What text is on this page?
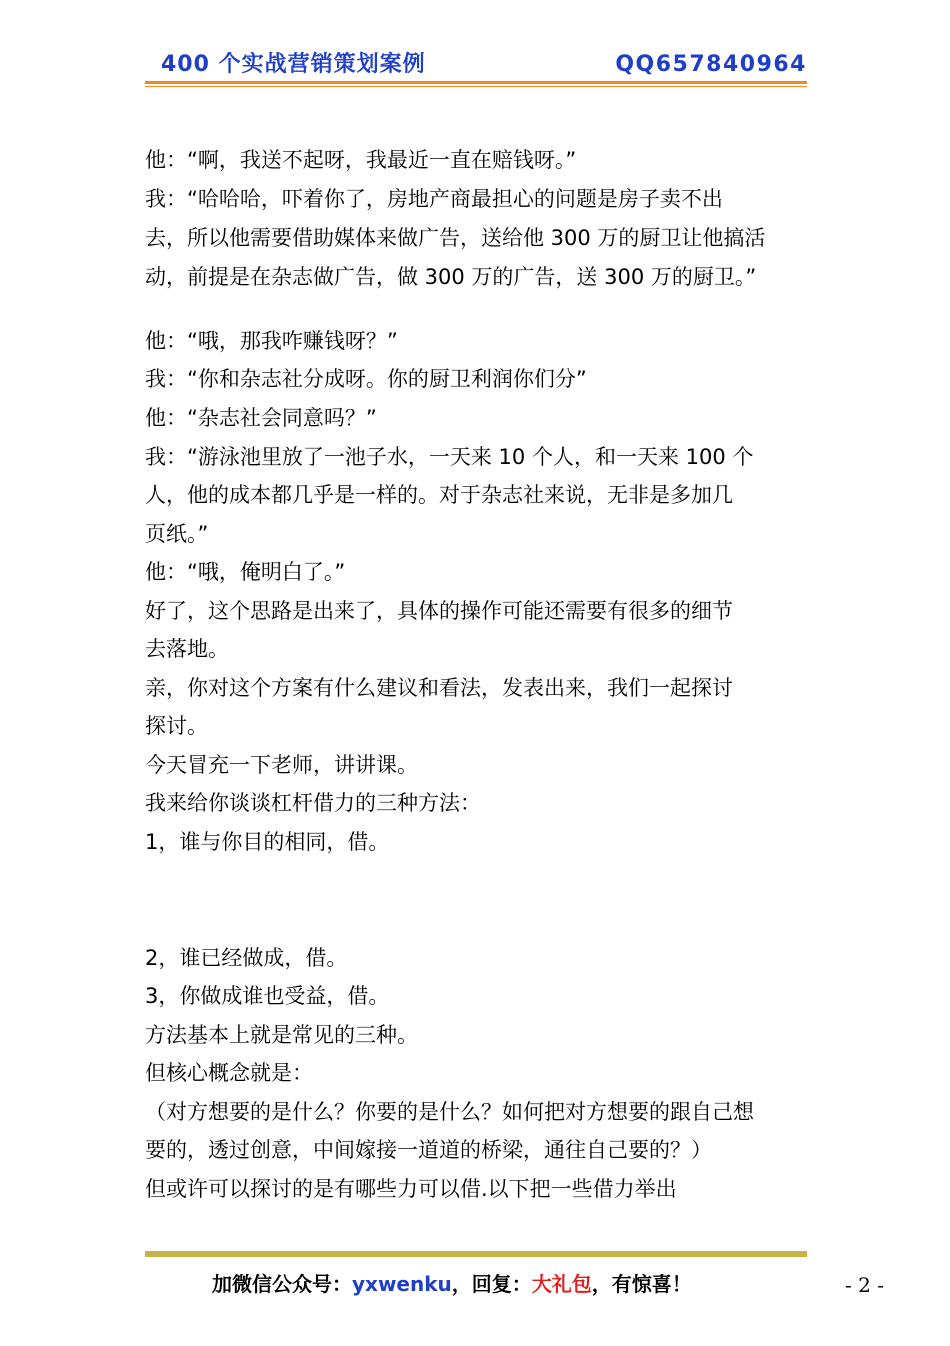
400 个实战营销策划案例	QQ657840964
他：“啊，我送不起呀，我最近一直在赔钱呀。”
我：“哈哈哈，吓着你了，房地产商最担心的问题是房子卖不出
去，所以他需要借助媒体来做广告，送给他 300 万的厨卫让他搞活
动，前提是在杂志做广告，做 300 万的广告，送 300 万的厨卫。”
他：“哦，那我咋赚钱呀？”
我：“你和杂志社分成呀。你的厨卫利润你们分”
他：“杂志社会同意吗？”
我：“游泳池里放了一池子水，一天来 10 个人，和一天来 100 个
人，他的成本都几乎是一样的。对于杂志社来说，无非是多加几
页纸。”
他：“哦，俺明白了。”
好了，这个思路是出来了，具体的操作可能还需要有很多的细节
去落地。
亲，你对这个方案有什么建议和看法，发表出来，我们一起探讨
探讨。
今天冒充一下老师，讲讲课。
我来给你谈谈杠杆借力的三种方法：
1，谁与你目的相同，借。
2，谁已经做成，借。
3，你做成谁也受益，借。
方法基本上就是常见的三种。
但核心概念就是：
（对方想要的是什么？你要的是什么？如何把对方想要的跟自己想
要的，透过创意，中间嫁接一道道的桥梁，通往自己要的？）
但或许可以探讨的是有哪些力可以借.以下把一些借力举出
加微信公众号：yxwenku，回复：大礼包，有惊喜！	- 2 -
